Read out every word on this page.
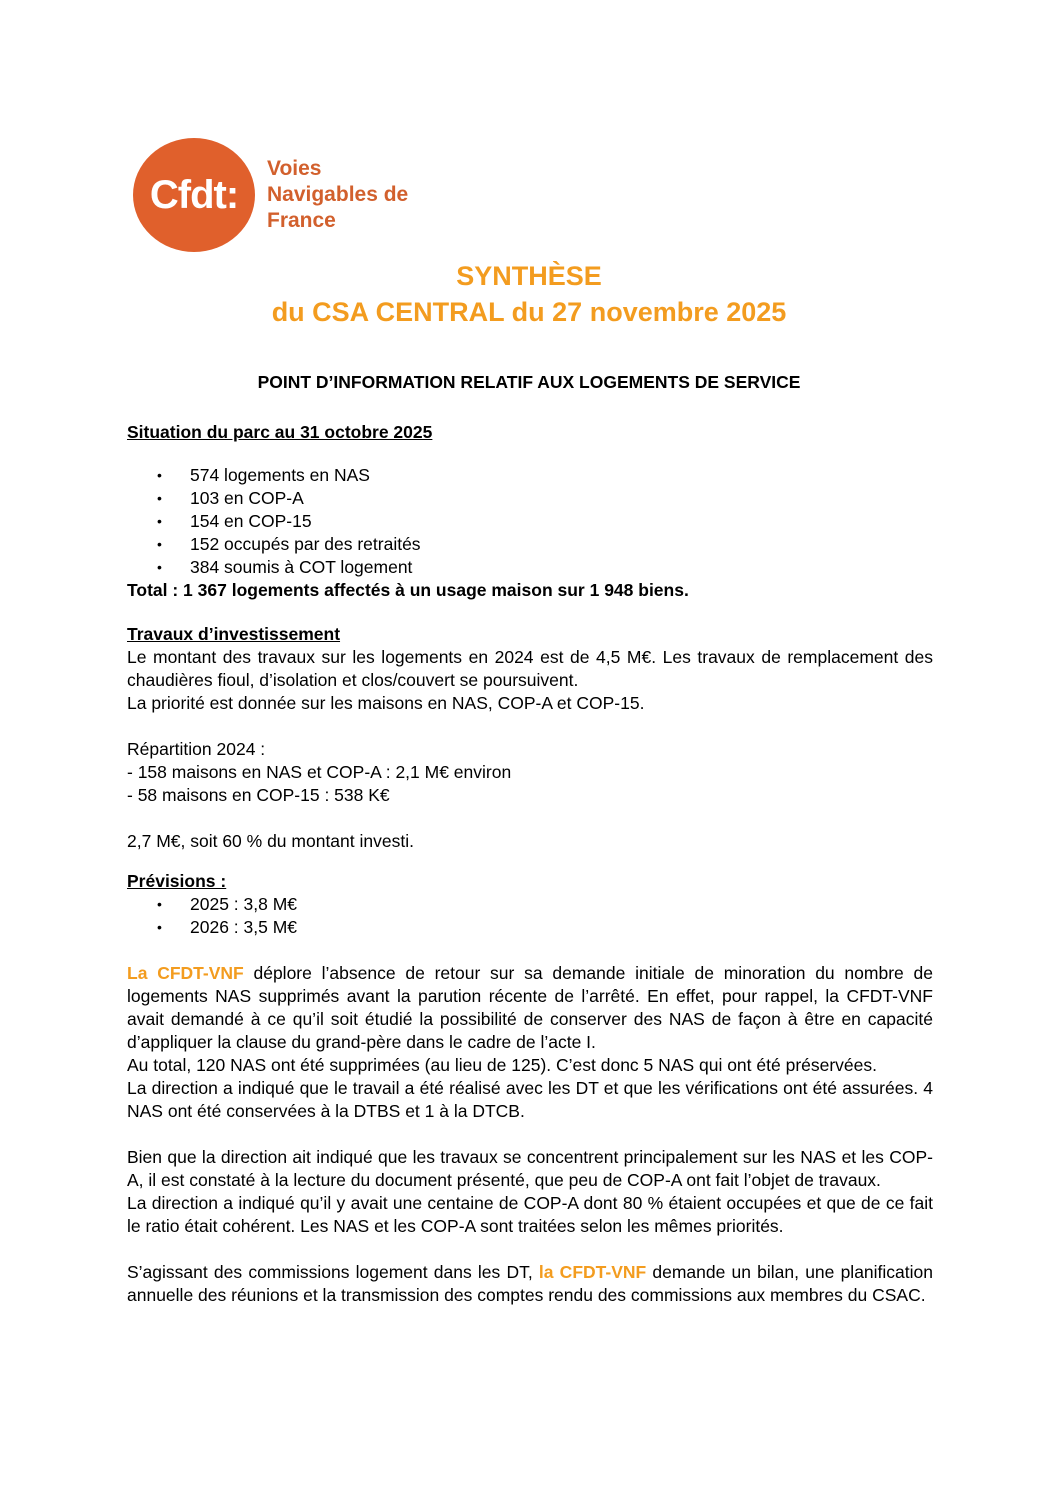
Cfdt:
Voies
Navigables de
France
SYNTHÈSE
du CSA CENTRAL du 27 novembre 2025
POINT D’INFORMATION RELATIF AUX LOGEMENTS DE SERVICE
Situation du parc au 31 octobre 2025
• 574 logements en NAS
• 103 en COP-A
• 154 en COP-15
• 152 occupés par des retraités
• 384 soumis à COT logement
Total : 1 367 logements affectés à un usage maison sur 1 948 biens.
Travaux d’investissement

Le montant des travaux sur les logements en 2024 est de 4,5 M€. Les travaux de remplacement des chaudières fioul, d’isolation et clos/couvert se poursuivent.

La priorité est donnée sur les maisons en NAS, COP-A et COP-15.

Répartition 2024 :

- 158 maisons en NAS et COP-A : 2,1 M€ environ

- 58 maisons en COP-15 : 538 K€

2,7 M€, soit 60 % du montant investi.

Prévisions :
• 2025 : 3,8 M€
• 2026 : 3,5 M€

La CFDT-VNF déplore l’absence de retour sur sa demande initiale de minoration du nombre de logements NAS supprimés avant la parution récente de l’arrêté. En effet, pour rappel, la CFDT-VNF avait demandé à ce qu’il soit étudié la possibilité de conserver des NAS de façon à être en capacité d’appliquer la clause du grand-père dans le cadre de l’acte I.

Au total, 120 NAS ont été supprimées (au lieu de 125). C’est donc 5 NAS qui ont été préservées.

La direction a indiqué que le travail a été réalisé avec les DT et que les vérifications ont été assurées. 4 NAS ont été conservées à la DTBS et 1 à la DTCB.

Bien que la direction ait indiqué que les travaux se concentrent principalement sur les NAS et les COP-A, il est constaté à la lecture du document présenté, que peu de COP-A ont fait l’objet de travaux.

La direction a indiqué qu’il y avait une centaine de COP-A dont 80 % étaient occupées et que de ce fait le ratio était cohérent. Les NAS et les COP-A sont traitées selon les mêmes priorités.

S’agissant des commissions logement dans les DT, la CFDT-VNF demande un bilan, une planification annuelle des réunions et la transmission des comptes rendu des commissions aux membres du CSAC.
